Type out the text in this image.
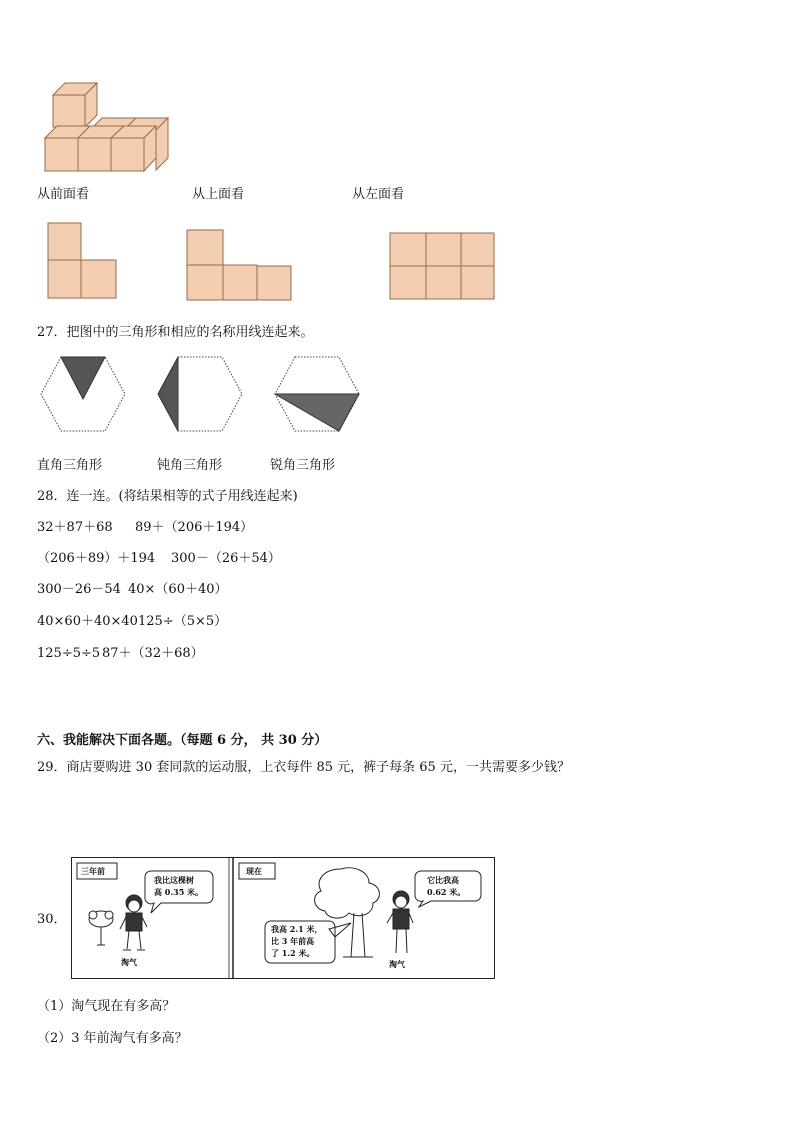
从前面看	从上面看	从左面看
27．把图中的三角形和相应的名称用线连起来。
直角三角形	钝角三角形	锐角三角形
28．连一连。(将结果相等的式子用线连起来)
32＋87＋68 89＋（206＋194）
（206＋89）＋194 300－（26＋54）
300－26－54 40×（60＋40）
40×60＋40×40 125÷（5×5）
125÷5÷5 87＋（32＋68）
六、我能解决下面各题。（每题 6 分， 共 30 分）
29．商店要购进 30 套同款的运动服，上衣每件 85 元，裤子每条 65 元，一共需要多少钱？
30．
三年前	现在
我比这棵树
高 0.35 米。
它比我高
0.62 米。
我高 2.1 米，
比 3 年前高
了 1.2 米。
淘气	淘气
（1）淘气现在有多高？
（2）3 年前淘气有多高？
